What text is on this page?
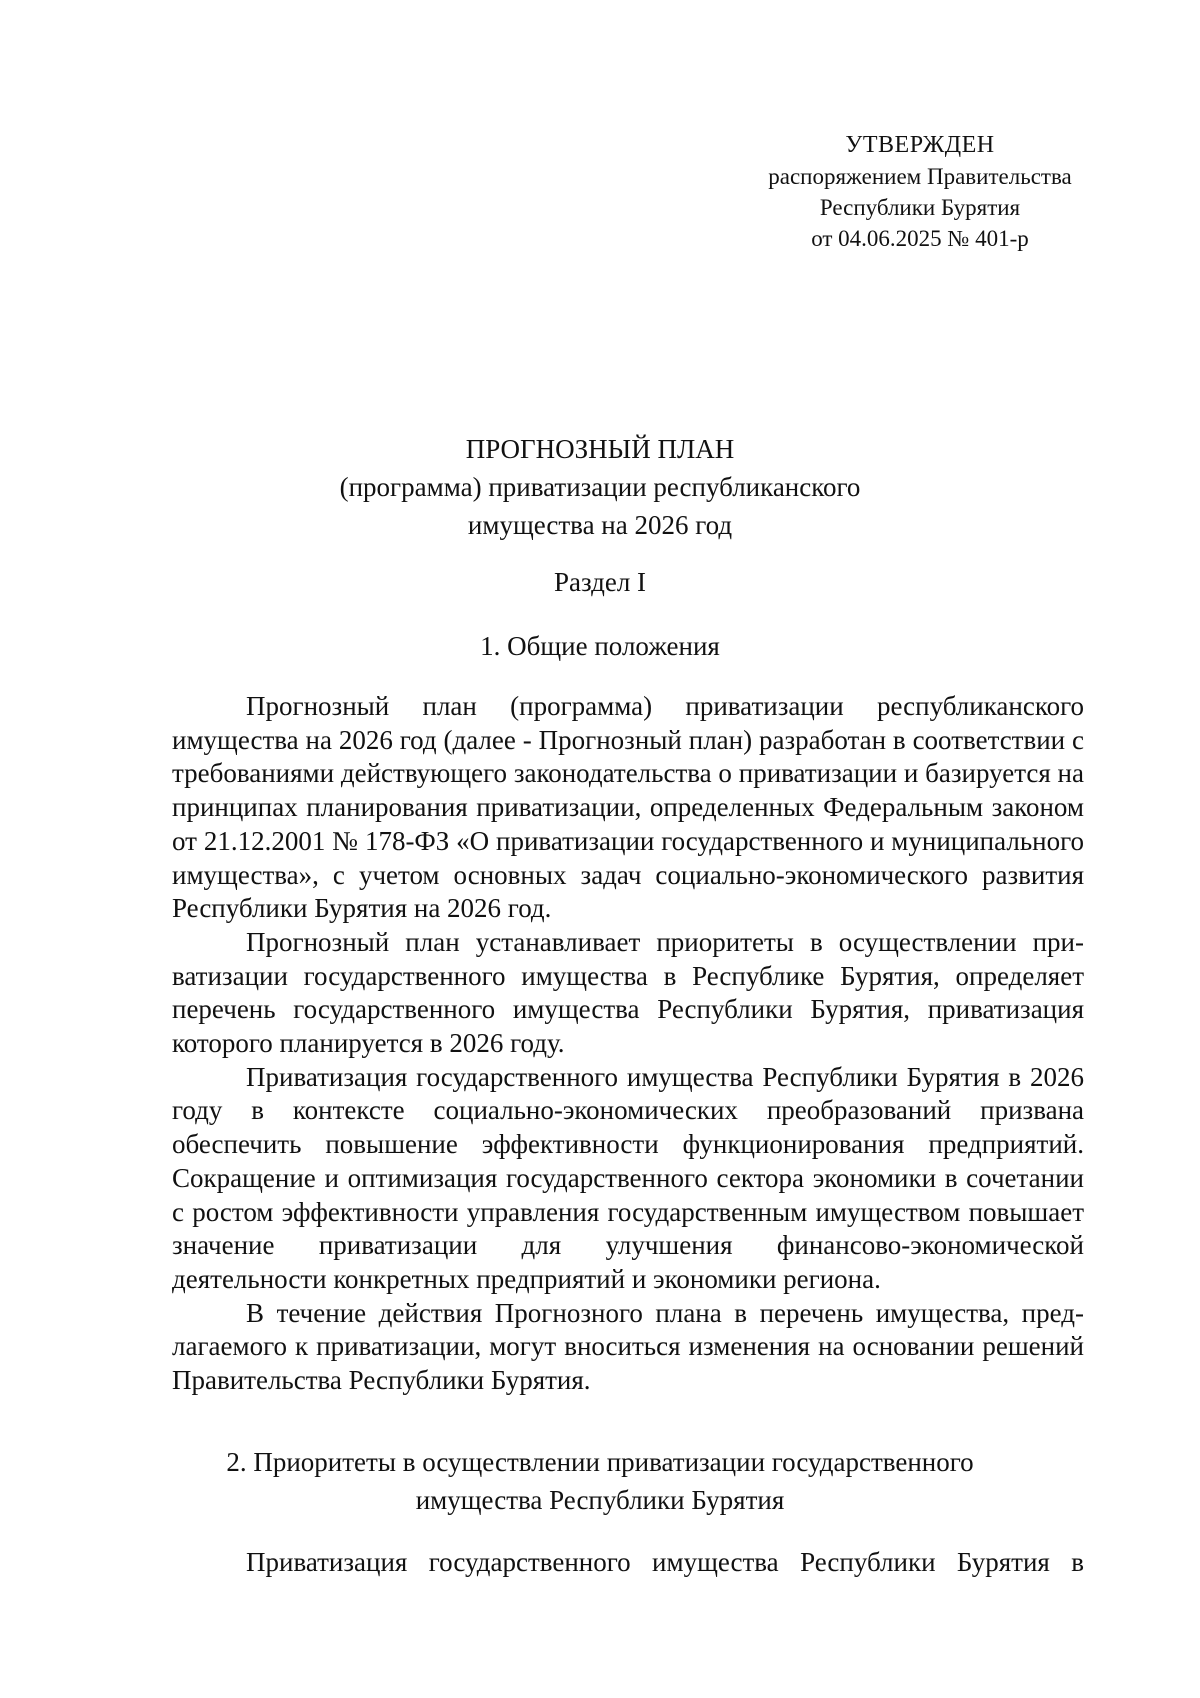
УТВЕРЖДЕН
распоряжением Правительства
Республики Бурятия
от 04.06.2025 № 401-р
ПРОГНОЗНЫЙ ПЛАН
(программа) приватизации республиканского
имущества на 2026 год
Раздел I
1. Общие положения

Прогнозный план (программа) приватизации республиканского имущества на 2026 год (далее - Прогнозный план) разработан в соответствии с требованиями действующего законодательства о приватизации и базируется на принципах планирования приватизации, определенных Федеральным законом от 21.12.2001 № 178-ФЗ «О приватизации государственного и муниципального имущества», с учетом основных задач социально-экономического развития Республики Бурятия на 2026 год.

Прогнозный план устанавливает приоритеты в осуществлении приватизации государственного имущества в Республике Бурятия, определяет перечень государственного имущества Республики Бурятия, приватизация которого планируется в 2026 году.

Приватизация государственного имущества Республики Бурятия в 2026 году в контексте социально-экономических преобразований призвана обеспечить повышение эффективности функционирования предприятий. Сокращение и оптимизация государственного сектора экономики в сочетании с ростом эффективности управления государственным имуществом повышает значение приватизации для улучшения финансово-экономической деятельности конкретных предприятий и экономики региона.

В течение действия Прогнозного плана в перечень имущества, предлагаемого к приватизации, могут вноситься изменения на основании решений Правительства Республики Бурятия.

2. Приоритеты в осуществлении приватизации государственного
имущества Республики Бурятия

Приватизация государственного имущества Республики Бурятия в
